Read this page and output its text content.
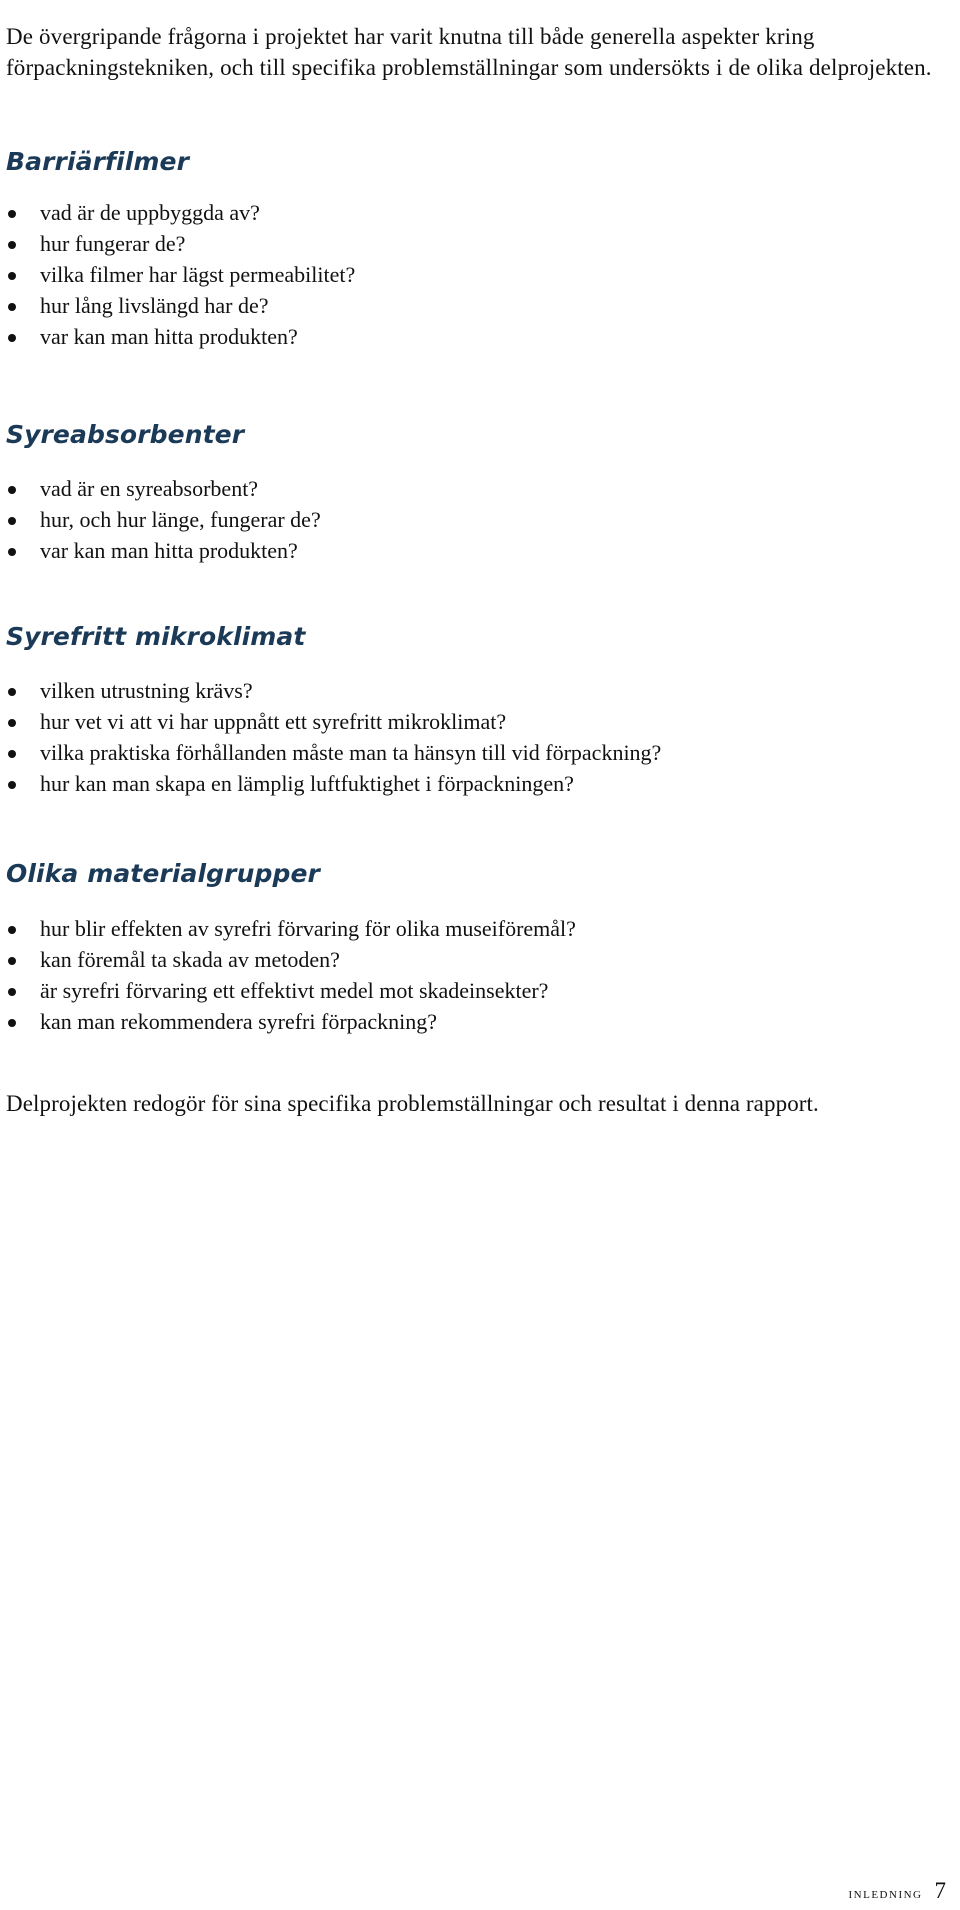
De övergripande frågorna i projektet har varit knutna till både generella aspekter kring förpackningstekniken, och till specifika problemställningar som undersökts i de olika delprojekten.

Barriärfilmer
vad är de uppbyggda av?
hur fungerar de?
vilka filmer har lägst permeabilitet?
hur lång livslängd har de?
var kan man hitta produkten?
Syreabsorbenter
vad är en syreabsorbent?
hur, och hur länge, fungerar de?
var kan man hitta produkten?
Syrefritt mikroklimat
vilken utrustning krävs?
hur vet vi att vi har uppnått ett syrefritt mikroklimat?
vilka praktiska förhållanden måste man ta hänsyn till vid förpackning?
hur kan man skapa en lämplig luftfuktighet i förpackningen?
Olika materialgrupper
hur blir effekten av syrefri förvaring för olika museiföremål?
kan föremål ta skada av metoden?
är syrefri förvaring ett effektivt medel mot skadeinsekter?
kan man rekommendera syrefri förpackning?

Delprojekten redogör för sina specifika problemställningar och resultat i denna rapport.

inledning 7
